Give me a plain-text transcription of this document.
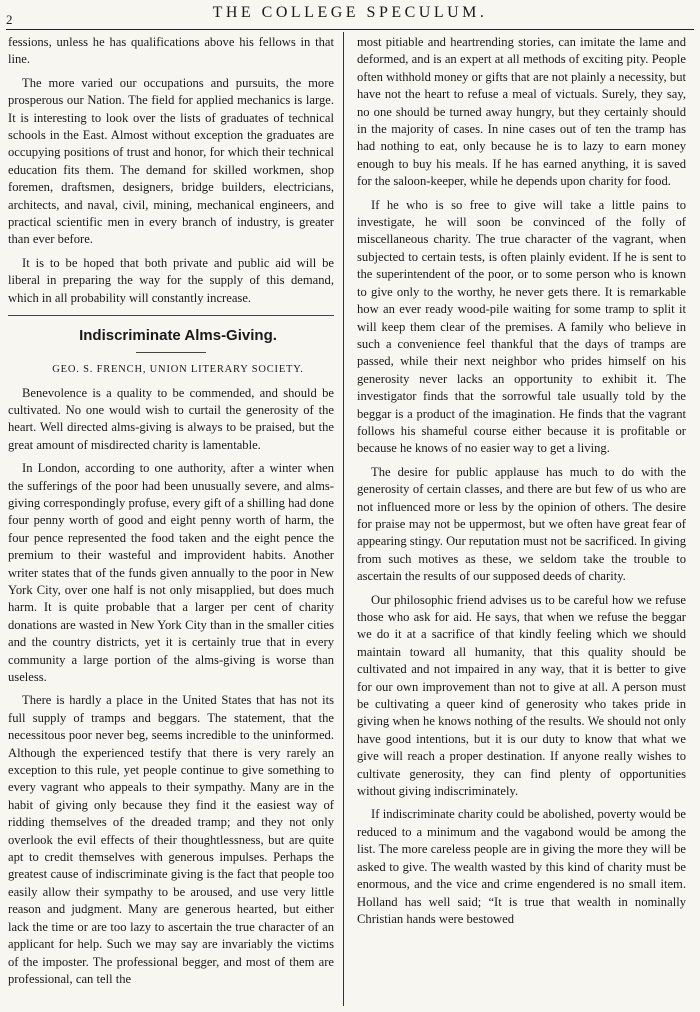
2	THE COLLEGE SPECULUM.

fessions, unless he has qualifications above his fellows in that line.

The more varied our occupations and pursuits, the more prosperous our Nation. The field for applied mechanics is large. It is interesting to look over the lists of graduates of technical schools in the East. Almost without exception the graduates are occupying positions of trust and honor, for which their technical education fits them. The demand for skilled workmen, shop foremen, draftsmen, designers, bridge builders, electricians, architects, and naval, civil, mining, mechanical engineers, and practical scientific men in every branch of industry, is greater than ever before.

It is to be hoped that both private and public aid will be liberal in preparing the way for the supply of this demand, which in all probability will constantly increase.

Indiscriminate Alms-Giving.

GEO. S. FRENCH, UNION LITERARY SOCIETY.

Benevolence is a quality to be commended, and should be cultivated. No one would wish to curtail the generosity of the heart. Well directed alms-giving is always to be praised, but the great amount of misdirected charity is lamentable.

In London, according to one authority, after a winter when the sufferings of the poor had been unusually severe, and alms-giving correspondingly profuse, every gift of a shilling had done four penny worth of good and eight penny worth of harm, the four pence represented the food taken and the eight pence the premium to their wasteful and improvident habits. Another writer states that of the funds given annually to the poor in New York City, over one half is not only misapplied, but does much harm. It is quite probable that a larger per cent of charity donations are wasted in New York City than in the smaller cities and the country districts, yet it is certainly true that in every community a large portion of the alms-giving is worse than useless.

There is hardly a place in the United States that has not its full supply of tramps and beggars. The statement, that the necessitous poor never beg, seems incredible to the uninformed. Although the experienced testify that there is very rarely an exception to this rule, yet people continue to give something to every vagrant who appeals to their sympathy. Many are in the habit of giving only because they find it the easiest way of ridding themselves of the dreaded tramp; and they not only overlook the evil effects of their thoughtlessness, but are quite apt to credit themselves with generous impulses. Perhaps the greatest cause of indiscriminate giving is the fact that people too easily allow their sympathy to be aroused, and use very little reason and judgment. Many are generous hearted, but either lack the time or are too lazy to ascertain the true character of an applicant for help. Such we may say are invariably the victims of the imposter. The professional begger, and most of them are professional, can tell the

most pitiable and heartrending stories, can imitate the lame and deformed, and is an expert at all methods of exciting pity. People often withhold money or gifts that are not plainly a necessity, but have not the heart to refuse a meal of victuals. Surely, they say, no one should be turned away hungry, but they certainly should in the majority of cases. In nine cases out of ten the tramp has had nothing to eat, only because he is to lazy to earn money enough to buy his meals. If he has earned anything, it is saved for the saloon-keeper, while he depends upon charity for food.

If he who is so free to give will take a little pains to investigate, he will soon be convinced of the folly of miscellaneous charity. The true character of the vagrant, when subjected to certain tests, is often plainly evident. If he is sent to the superintendent of the poor, or to some person who is known to give only to the worthy, he never gets there. It is remarkable how an ever ready wood-pile waiting for some tramp to split it will keep them clear of the premises. A family who believe in such a convenience feel thankful that the days of tramps are passed, while their next neighbor who prides himself on his generosity never lacks an opportunity to exhibit it. The investigator finds that the sorrowful tale usually told by the beggar is a product of the imagination. He finds that the vagrant follows his shameful course either because it is profitable or because he knows of no easier way to get a living.

The desire for public applause has much to do with the generosity of certain classes, and there are but few of us who are not influenced more or less by the opinion of others. The desire for praise may not be uppermost, but we often have great fear of appearing stingy. Our reputation must not be sacrificed. In giving from such motives as these, we seldom take the trouble to ascertain the results of our supposed deeds of charity.

Our philosophic friend advises us to be careful how we refuse those who ask for aid. He says, that when we refuse the beggar we do it at a sacrifice of that kindly feeling which we should maintain toward all humanity, that this quality should be cultivated and not impaired in any way, that it is better to give for our own improvement than not to give at all. A person must be cultivating a queer kind of generosity who takes pride in giving when he knows nothing of the results. We should not only have good intentions, but it is our duty to know that what we give will reach a proper destination. If anyone really wishes to cultivate generosity, they can find plenty of opportunities without giving indiscriminately.

If indiscriminate charity could be abolished, poverty would be reduced to a minimum and the vagabond would be among the list. The more careless people are in giving the more they will be asked to give. The wealth wasted by this kind of charity must be enormous, and the vice and crime engendered is no small item. Holland has well said; “It is true that wealth in nominally Christian hands were bestowed
